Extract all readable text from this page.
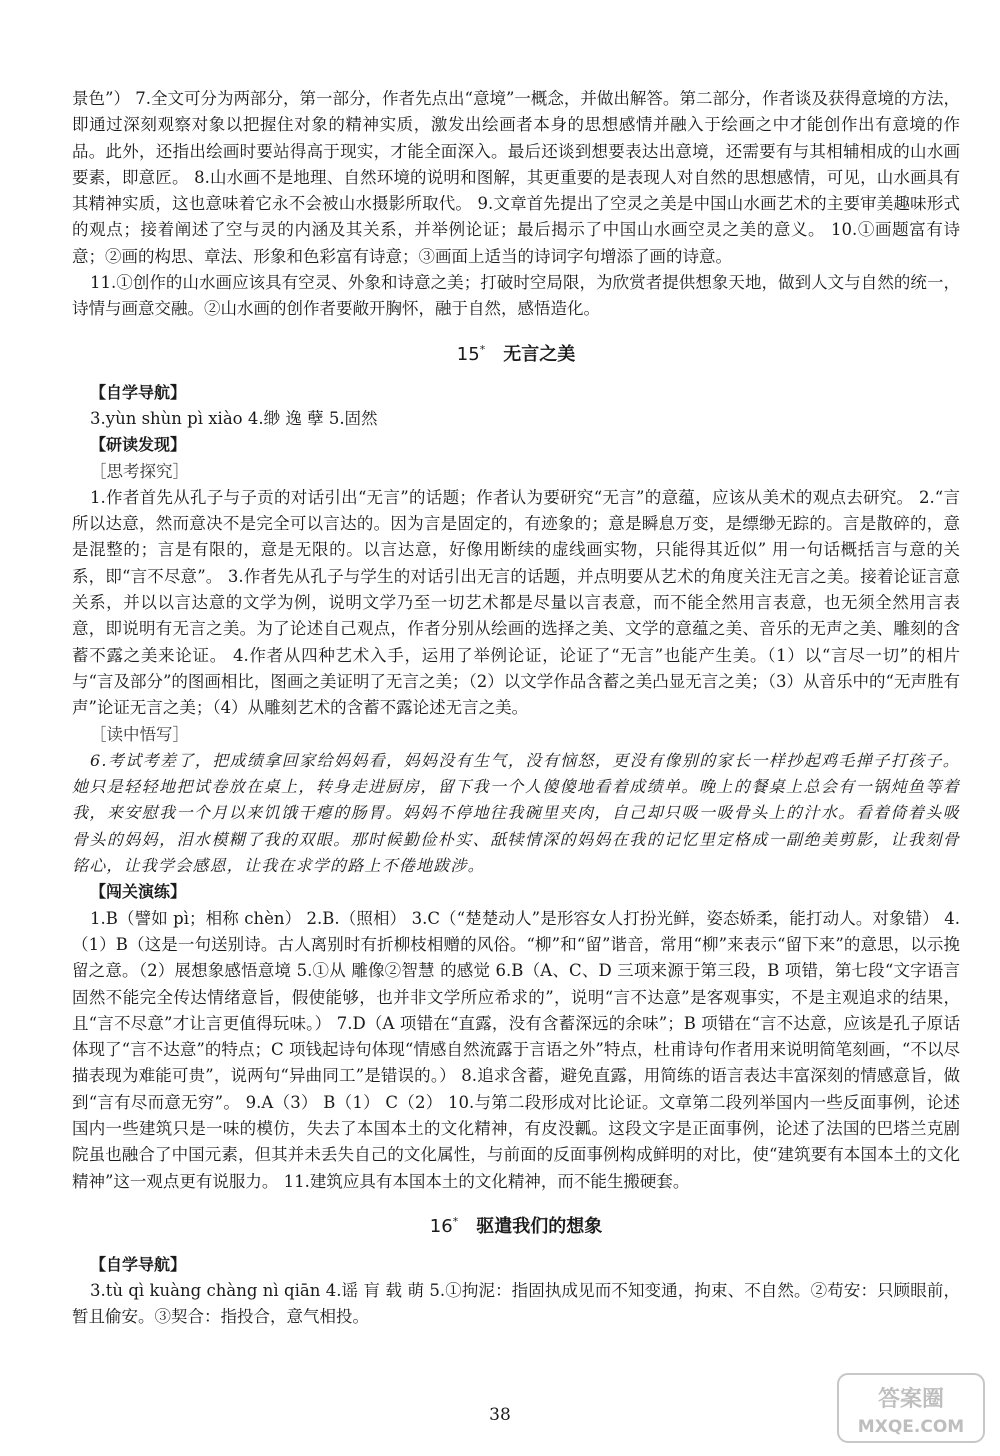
景色”） 7.全文可分为两部分，第一部分，作者先点出“意境”一概念，并做出解答。第二部分，作者谈及获得意境的方法，即通过深刻观察对象以把握住对象的精神实质，激发出绘画者本身的思想感情并融入于绘画之中才能创作出有意境的作品。此外，还指出绘画时要站得高于现实，才能全面深入。最后还谈到想要表达出意境，还需要有与其相辅相成的山水画要素，即意匠。 8.山水画不是地理、自然环境的说明和图解，其更重要的是表现人对自然的思想感情，可见，山水画具有其精神实质，这也意味着它永不会被山水摄影所取代。 9.文章首先提出了空灵之美是中国山水画艺术的主要审美趣味形式的观点；接着阐述了空与灵的内涵及其关系，并举例论证；最后揭示了中国山水画空灵之美的意义。 10.①画题富有诗意；②画的构思、章法、形象和色彩富有诗意；③画面上适当的诗词字句增添了画的诗意。

11.①创作的山水画应该具有空灵、外象和诗意之美；打破时空局限，为欣赏者提供想象天地，做到人文与自然的统一，诗情与画意交融。②山水画的创作者要敞开胸怀，融于自然，感悟造化。

15* 无言之美

【自学导航】

3.yùn shùn pì xiào 4.缈 逸 孽 5.固然

【研读发现】

［思考探究］

1.作者首先从孔子与子贡的对话引出“无言”的话题；作者认为要研究“无言”的意蕴，应该从美术的观点去研究。 2.“言所以达意，然而意决不是完全可以言达的。因为言是固定的，有迹象的；意是瞬息万变，是缥缈无踪的。言是散碎的，意是混整的；言是有限的，意是无限的。以言达意，好像用断续的虚线画实物，只能得其近似” 用一句话概括言与意的关系，即“言不尽意”。 3.作者先从孔子与学生的对话引出无言的话题，并点明要从艺术的角度关注无言之美。接着论证言意关系，并以以言达意的文学为例，说明文学乃至一切艺术都是尽量以言表意，而不能全然用言表意，也无须全然用言表意，即说明有无言之美。为了论述自己观点，作者分别从绘画的选择之美、文学的意蕴之美、音乐的无声之美、雕刻的含蓄不露之美来论证。 4.作者从四种艺术入手，运用了举例论证，论证了“无言”也能产生美。（1）以“言尽一切”的相片与“言及部分”的图画相比，图画之美证明了无言之美；（2）以文学作品含蓄之美凸显无言之美；（3）从音乐中的“无声胜有声”论证无言之美；（4）从雕刻艺术的含蓄不露论述无言之美。

［读中悟写］

6.考试考差了，把成绩拿回家给妈妈看，妈妈没有生气，没有恼怒，更没有像别的家长一样抄起鸡毛掸子打孩子。她只是轻轻地把试卷放在桌上，转身走进厨房，留下我一个人傻傻地看着成绩单。晚上的餐桌上总会有一锅炖鱼等着我，来安慰我一个月以来饥饿干瘪的肠胃。妈妈不停地往我碗里夹肉，自己却只吸一吸骨头上的汁水。看着倚着头吸骨头的妈妈，泪水模糊了我的双眼。那时候勤俭朴实、舐犊情深的妈妈在我的记忆里定格成一副绝美剪影，让我刻骨铭心，让我学会感恩，让我在求学的路上不倦地跋涉。

【闯关演练】

1.B（譬如 pì；相称 chèn） 2.B.（照相） 3.C（“楚楚动人”是形容女人打扮光鲜，姿态娇柔，能打动人。对象错） 4.（1）B（这是一句送别诗。古人离别时有折柳枝相赠的风俗。“柳”和“留”谐音，常用“柳”来表示“留下来”的意思，以示挽留之意。（2）展想象感悟意境 5.①从 雕像②智慧 的感觉 6.B（A、C、D 三项来源于第三段，B 项错，第七段“文字语言固然不能完全传达情绪意旨，假使能够，也并非文学所应希求的”，说明“言不达意”是客观事实，不是主观追求的结果，且“言不尽意”才让言更值得玩味。） 7.D（A 项错在“直露，没有含蓄深远的余味”；B 项错在“言不达意，应该是孔子原话体现了“言不达意”的特点；C 项钱起诗句体现“情感自然流露于言语之外”特点，杜甫诗句作者用来说明简笔刻画，“不以尽描表现为难能可贵”，说两句“异曲同工”是错误的。） 8.追求含蓄，避免直露，用简练的语言表达丰富深刻的情感意旨，做到“言有尽而意无穷”。 9.A（3） B（1） C（2） 10.与第二段形成对比论证。文章第二段列举国内一些反面事例，论述国内一些建筑只是一味的模仿，失去了本国本土的文化精神，有皮没瓤。这段文字是正面事例，论述了法国的巴塔兰克剧院虽也融合了中国元素，但其并未丢失自己的文化属性，与前面的反面事例构成鲜明的对比，使“建筑要有本国本土的文化精神”这一观点更有说服力。 11.建筑应具有本国本土的文化精神，而不能生搬硬套。

16* 驱遣我们的想象

【自学导航】

3.tù qì kuàng chàng nì qiān 4.谣 肓 载 萌 5.①拘泥：指固执成见而不知变通，拘束、不自然。②苟安：只顾眼前，暂且偷安。③契合：指投合，意气相投。

38
答案圈
MXQE.COM
